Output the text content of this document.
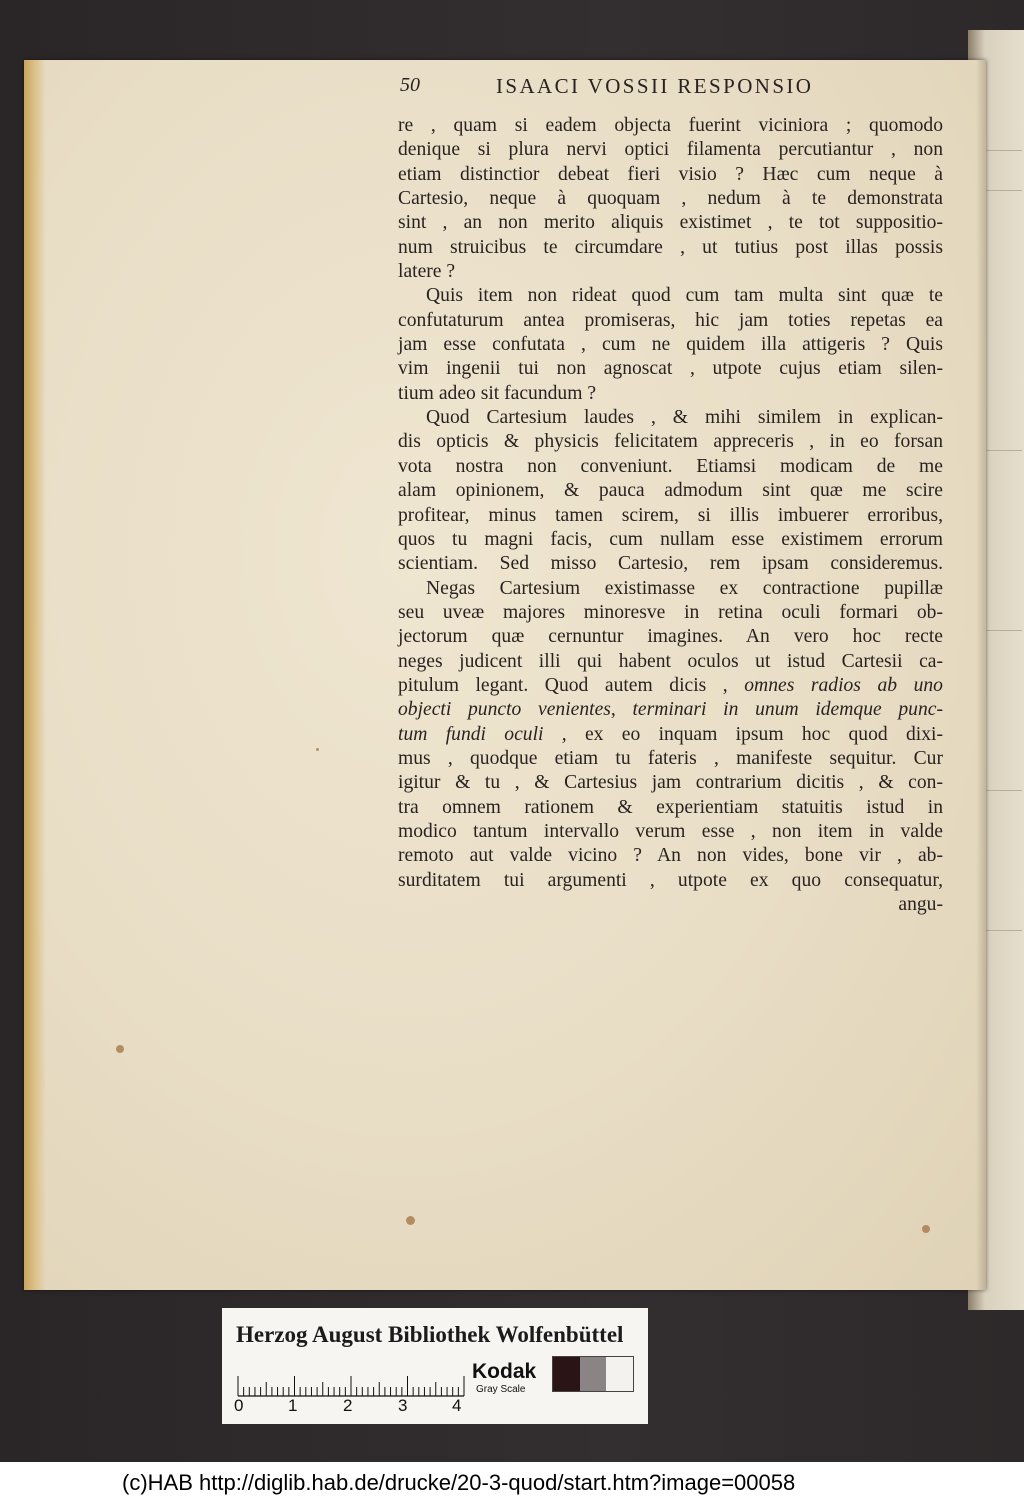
50	ISAACI VOSSII RESPONSIO
re , quam si eadem objecta fuerint viciniora ; quomodo
denique si plura nervi optici filamenta percutiantur , non
etiam distinctior debeat fieri visio ? Hæc cum neque à
Cartesio, neque à quoquam , nedum à te demonstrata
sint , an non merito aliquis existimet , te tot suppositio-
num struicibus te circumdare , ut tutius post illas possis
latere ?
Quis item non rideat quod cum tam multa sint quæ te
confutaturum antea promiseras, hic jam toties repetas ea
jam esse confutata , cum ne quidem illa attigeris ? Quis
vim ingenii tui non agnoscat , utpote cujus etiam silen-
tium adeo sit facundum ?
Quod Cartesium laudes , & mihi similem in explican-
dis opticis & physicis felicitatem appreceris , in eo forsan
vota nostra non conveniunt. Etiamsi modicam de me
alam opinionem, & pauca admodum sint quæ me scire
profitear, minus tamen scirem, si illis imbuerer erroribus,
quos tu magni facis, cum nullam esse existimem errorum
scientiam. Sed misso Cartesio, rem ipsam consideremus.
Negas Cartesium existimasse ex contractione pupillæ
seu uveæ majores minoresve in retina oculi formari ob-
jectorum quæ cernuntur imagines. An vero hoc recte
neges judicent illi qui habent oculos ut istud Cartesii ca-
pitulum legant. Quod autem dicis , omnes radios ab uno
objecti puncto venientes, terminari in unum idemque punc-
tum fundi oculi , ex eo inquam ipsum hoc quod dixi-
mus , quodque etiam tu fateris , manifeste sequitur. Cur
igitur & tu , & Cartesius jam contrarium dicitis , & con-
tra omnem rationem & experientiam statuitis istud in
modico tantum intervallo verum esse , non item in valde
remoto aut valde vicino ? An non vides, bone vir , ab-
surditatem tui argumenti , utpote ex quo consequatur,
angu-
Herzog August Bibliothek Wolfenbüttel
0	1	2	3	4
Kodak
Gray Scale
(c)HAB http://diglib.hab.de/drucke/20-3-quod/start.htm?image=00058
